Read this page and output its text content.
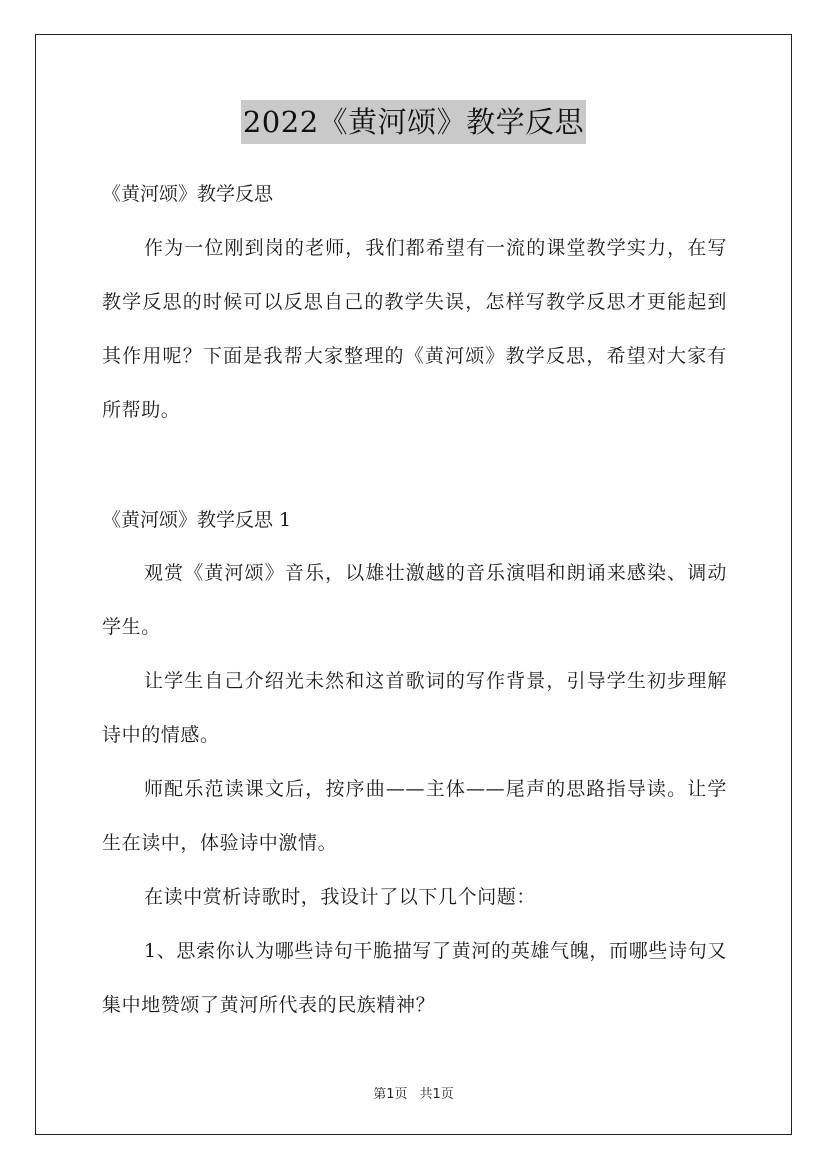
2022《黄河颂》教学反思
《黄河颂》教学反思

作为一位刚到岗的老师，我们都希望有一流的课堂教学实力，在写教学反思的时候可以反思自己的教学失误，怎样写教学反思才更能起到其作用呢？下面是我帮大家整理的《黄河颂》教学反思，希望对大家有所帮助。

《黄河颂》教学反思 1

观赏《黄河颂》音乐，以雄壮激越的音乐演唱和朗诵来感染、调动学生。

让学生自己介绍光未然和这首歌词的写作背景，引导学生初步理解诗中的情感。

师配乐范读课文后，按序曲——主体——尾声的思路指导读。让学生在读中，体验诗中激情。

在读中赏析诗歌时，我设计了以下几个问题：

1、思索你认为哪些诗句干脆描写了黄河的英雄气魄，而哪些诗句又集中地赞颂了黄河所代表的民族精神？

第1页 共1页
